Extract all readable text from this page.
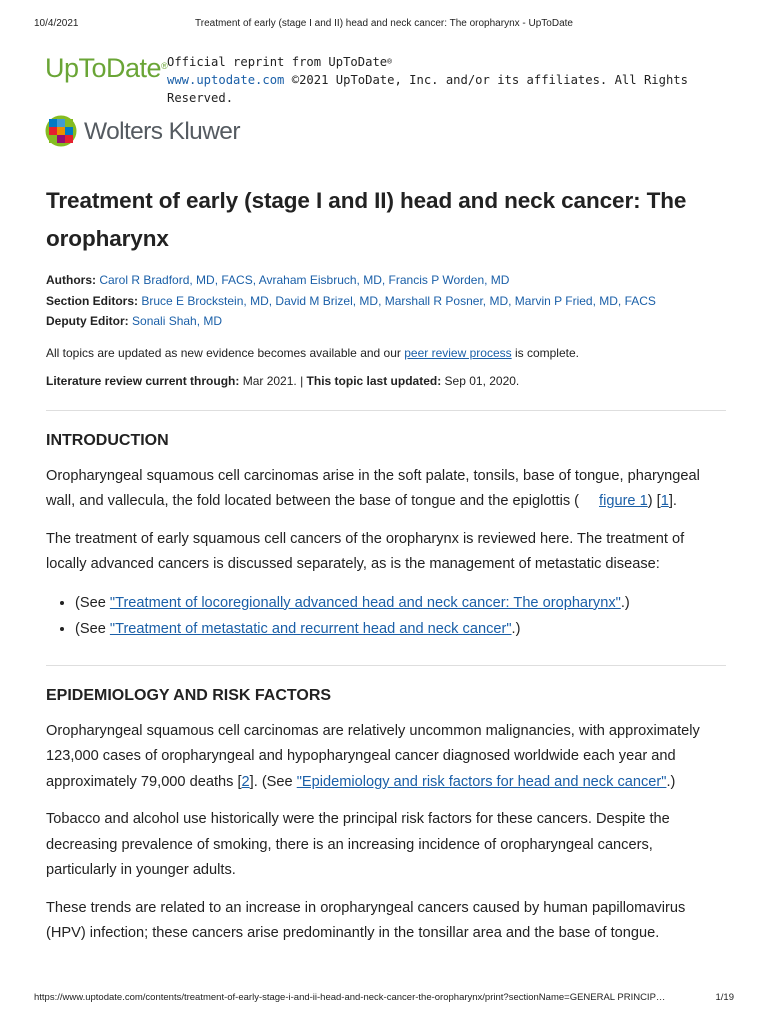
10/4/2021	Treatment of early (stage I and II) head and neck cancer: The oropharynx - UpToDate
UpToDate® Official reprint from UpToDate®
www.uptodate.com ©2021 UpToDate, Inc. and/or its affiliates. All Rights Reserved.
Wolters Kluwer
Treatment of early (stage I and II) head and neck cancer: The oropharynx
Authors: Carol R Bradford, MD, FACS, Avraham Eisbruch, MD, Francis P Worden, MD
Section Editors: Bruce E Brockstein, MD, David M Brizel, MD, Marshall R Posner, MD, Marvin P Fried, MD, FACS
Deputy Editor: Sonali Shah, MD
All topics are updated as new evidence becomes available and our peer review process is complete.
Literature review current through: Mar 2021. | This topic last updated: Sep 01, 2020.
INTRODUCTION

Oropharyngeal squamous cell carcinomas arise in the soft palate, tonsils, base of tongue, pharyngeal wall, and vallecula, the fold located between the base of tongue and the epiglottis ( figure 1) [1].

The treatment of early squamous cell cancers of the oropharynx is reviewed here. The treatment of locally advanced cancers is discussed separately, as is the management of metastatic disease:

• (See "Treatment of locoregionally advanced head and neck cancer: The oropharynx".)
• (See "Treatment of metastatic and recurrent head and neck cancer".)
EPIDEMIOLOGY AND RISK FACTORS

Oropharyngeal squamous cell carcinomas are relatively uncommon malignancies, with approximately 123,000 cases of oropharyngeal and hypopharyngeal cancer diagnosed worldwide each year and approximately 79,000 deaths [2]. (See "Epidemiology and risk factors for head and neck cancer".)

Tobacco and alcohol use historically were the principal risk factors for these cancers. Despite the decreasing prevalence of smoking, there is an increasing incidence of oropharyngeal cancers, particularly in younger adults.

These trends are related to an increase in oropharyngeal cancers caused by human papillomavirus (HPV) infection; these cancers arise predominantly in the tonsillar area and the base of tongue.

https://www.uptodate.com/contents/treatment-of-early-stage-i-and-ii-head-and-neck-cancer-the-oropharynx/print?sectionName=GENERAL PRINCIP…	1/19
